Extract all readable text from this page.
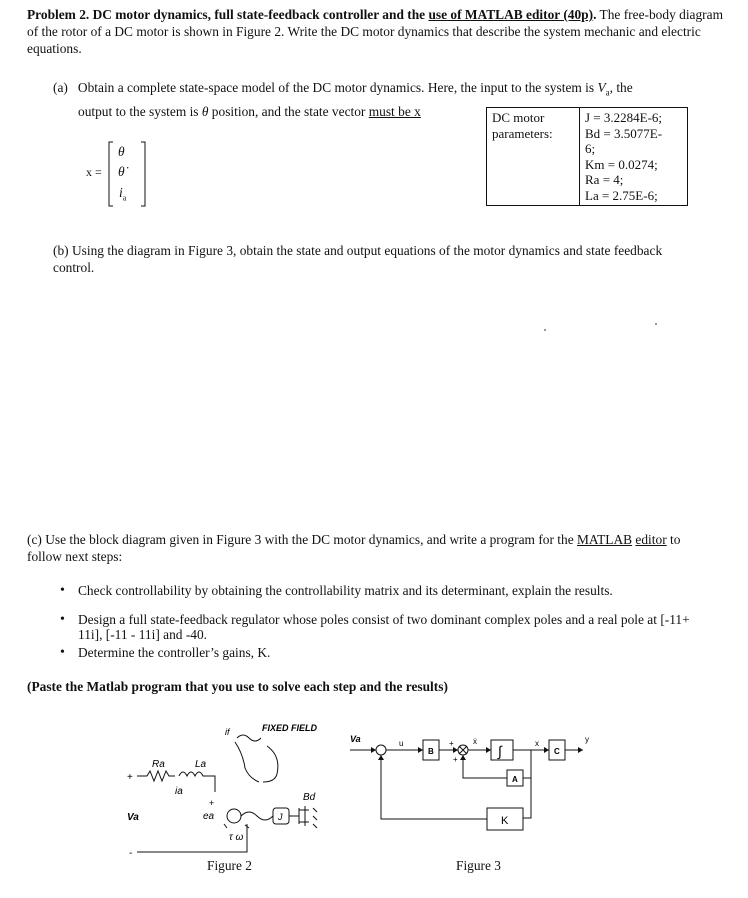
Problem 2. DC motor dynamics, full state-feedback controller and the use of MATLAB editor (40p). The free-body diagram of the rotor of a DC motor is shown in Figure 2. Write the DC motor dynamics that describe the system mechanic and electric equations.
(a) Obtain a complete state-space model of the DC motor dynamics. Here, the input to the system is $V_a$, the
output to the system is θ position, and the state vector must be x
x =
θ
θ̇
$i_a$
DC motor
parameters:

J = 3.2284E-6;
Bd = 3.5077E-
6;
Km = 0.0274;
Ra = 4;
La = 2.75E-6;
(b) Using the diagram in Figure 3, obtain the state and output equations of the motor dynamics and state feedback control.
(c) Use the block diagram given in Figure 3 with the DC motor dynamics, and write a program for the MATLAB editor to follow next steps:
• Check controllability by obtaining the controllability matrix and its determinant, explain the results.
• Design a full state-feedback regulator whose poles consist of two dominant complex poles and a real pole at [-11+ 11i], [-11 - 11i] and -40.
• Determine the controller’s gains, K.
(Paste the Matlab program that you use to solve each step and the results)
FIXED FIELD
if
Ra	La
ia
+
Va
-
ea
+	Bd
J
τ ω
Figure 2
Va	u
B
+
+
ẋ
∫	x
C
y
A
K
Figure 3
